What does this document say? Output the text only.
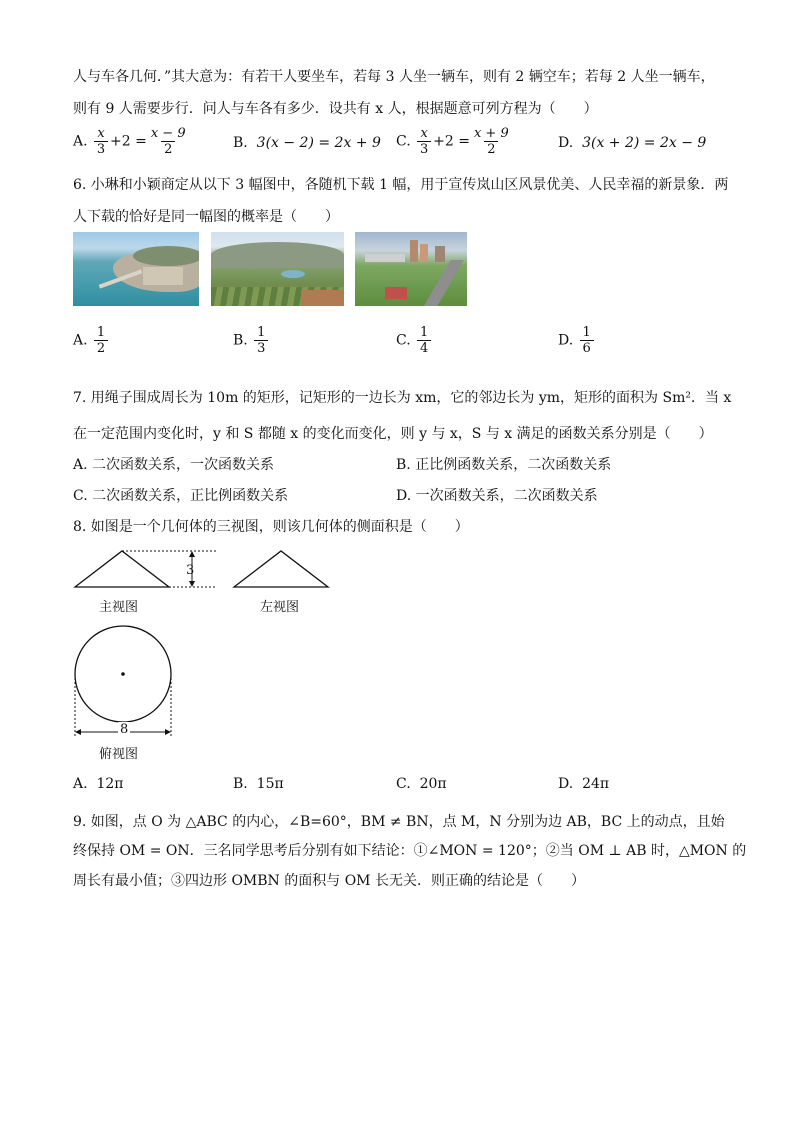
人与车各几何．”其大意为：有若干人要坐车，若每 3 人坐一辆车，则有 2 辆空车；若每 2 人坐一辆车，
则有 9 人需要步行．问人与车各有多少．设共有 x 人，根据题意可列方程为（　　）
A. $\frac{x}{3} +2 = \frac{x - 9}{2}$	B. 3(x − 2) = 2x + 9 C. $\frac{x}{3} +2 = \frac{x + 9}{2}$	D. 3(x + 2) = 2x − 9
6. 小琳和小颖商定从以下 3 幅图中，各随机下载 1 幅，用于宣传岚山区风景优美、人民幸福的新景象．两
人下载的恰好是同一幅图的概率是（　　）
A. $\frac{1}{2}$	B. $\frac{1}{3}$	C. $\frac{1}{4}$	D. $\frac{1}{6}$
7. 用绳子围成周长为 10m 的矩形，记矩形的一边长为 xm，它的邻边长为 ym，矩形的面积为 Sm²．当 x
在一定范围内变化时，y 和 S 都随 x 的变化而变化，则 y 与 x，S 与 x 满足的函数关系分别是（　　）
A. 二次函数关系，一次函数关系	B. 正比例函数关系，二次函数关系
C. 二次函数关系，正比例函数关系	D. 一次函数关系，二次函数关系
8. 如图是一个几何体的三视图，则该几何体的侧面积是（　　）
3
主视图	左视图
8
俯视图
A. 12π	B. 15π	C. 20π	D. 24π
9. 如图，点 O 为 △ABC 的内心，∠B=60°，BM ≠ BN，点 M，N 分别为边 AB，BC 上的动点，且始
终保持 OM = ON．三名同学思考后分别有如下结论：①∠MON = 120°；②当 OM ⊥ AB 时，△MON 的
周长有最小值；③四边形 OMBN 的面积与 OM 长无关．则正确的结论是（　　）
